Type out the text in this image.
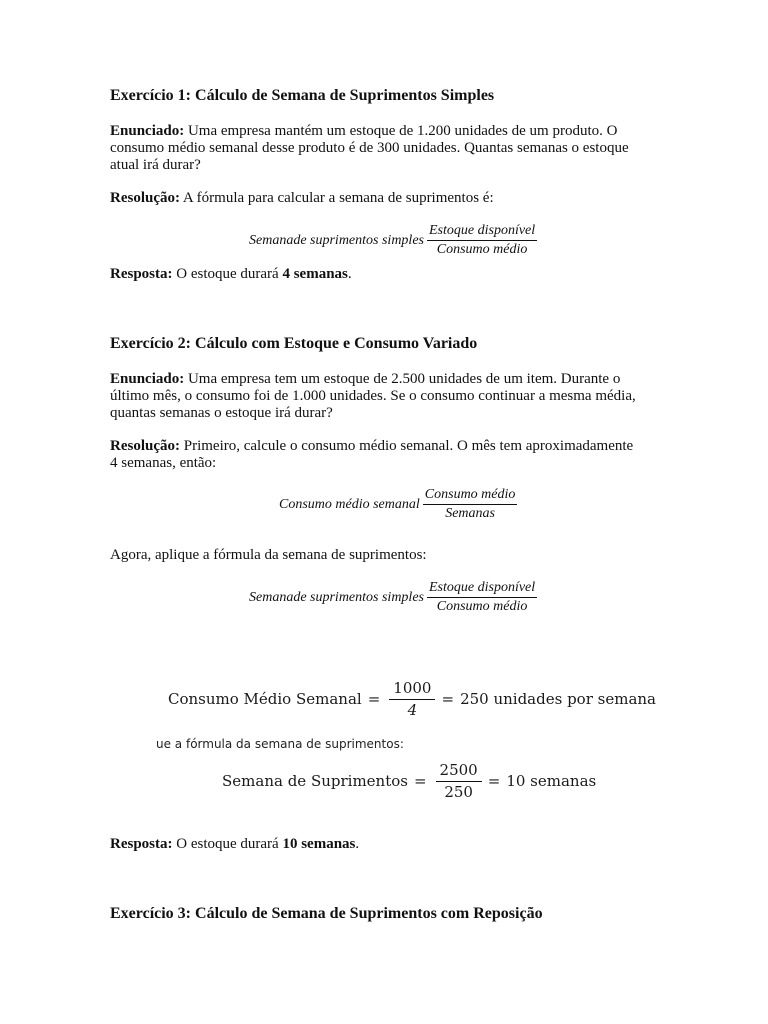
Exercício 1: Cálculo de Semana de Suprimentos Simples

Enunciado: Uma empresa mantém um estoque de 1.200 unidades de um produto. O

consumo médio semanal desse produto é de 300 unidades. Quantas semanas o estoque

atual irá durar?

Resolução: A fórmula para calcular a semana de suprimentos é:

Semanade suprimentos simples $\frac{\text{Estoque disponível}}{\text{Consumo médio}}$

Resposta: O estoque durará 4 semanas.

Exercício 2: Cálculo com Estoque e Consumo Variado

Enunciado: Uma empresa tem um estoque de 2.500 unidades de um item. Durante o

último mês, o consumo foi de 1.000 unidades. Se o consumo continuar a mesma média,

quantas semanas o estoque irá durar?

Resolução: Primeiro, calcule o consumo médio semanal. O mês tem aproximadamente

4 semanas, então:

Consumo médio semanal $\frac{\text{Consumo médio}}{\text{Semanas}}$

Agora, aplique a fórmula da semana de suprimentos:

Semanade suprimentos simples $\frac{\text{Estoque disponível}}{\text{Consumo médio}}$
Consumo Médio Semanal = $\frac{1000}{4} = 250$ unidades por semana
ue a fórmula da semana de suprimentos:
Semana de Suprimentos = $\frac{2500}{250} = 10$ semanas

Resposta: O estoque durará 10 semanas.

Exercício 3: Cálculo de Semana de Suprimentos com Reposição
